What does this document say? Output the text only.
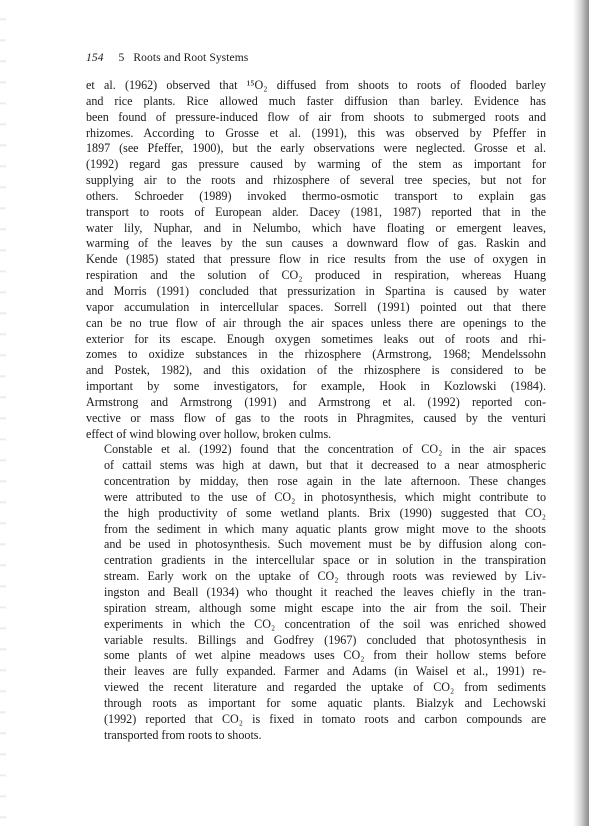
154 5 Roots and Root Systems

et al. (1962) observed that ¹⁵O₂ diffused from shoots to roots of flooded barley
and rice plants. Rice allowed much faster diffusion than barley. Evidence has
been found of pressure-induced flow of air from shoots to submerged roots and
rhizomes. According to Grosse et al. (1991), this was observed by Pfeffer in
1897 (see Pfeffer, 1900), but the early observations were neglected. Grosse et al.
(1992) regard gas pressure caused by warming of the stem as important for
supplying air to the roots and rhizosphere of several tree species, but not for
others. Schroeder (1989) invoked thermo-osmotic transport to explain gas
transport to roots of European alder. Dacey (1981, 1987) reported that in the
water lily, Nuphar, and in Nelumbo, which have floating or emergent leaves,
warming of the leaves by the sun causes a downward flow of gas. Raskin and
Kende (1985) stated that pressure flow in rice results from the use of oxygen in
respiration and the solution of CO₂ produced in respiration, whereas Huang
and Morris (1991) concluded that pressurization in Spartina is caused by water
vapor accumulation in intercellular spaces. Sorrell (1991) pointed out that there
can be no true flow of air through the air spaces unless there are openings to the
exterior for its escape. Enough oxygen sometimes leaks out of roots and rhi-
zomes to oxidize substances in the rhizosphere (Armstrong, 1968; Mendelssohn
and Postek, 1982), and this oxidation of the rhizosphere is considered to be
important by some investigators, for example, Hook in Kozlowski (1984).
Armstrong and Armstrong (1991) and Armstrong et al. (1992) reported con-
vective or mass flow of gas to the roots in Phragmites, caused by the venturi
effect of wind blowing over hollow, broken culms.

Constable et al. (1992) found that the concentration of CO₂ in the air spaces
of cattail stems was high at dawn, but that it decreased to a near atmospheric
concentration by midday, then rose again in the late afternoon. These changes
were attributed to the use of CO₂ in photosynthesis, which might contribute to
the high productivity of some wetland plants. Brix (1990) suggested that CO₂
from the sediment in which many aquatic plants grow might move to the shoots
and be used in photosynthesis. Such movement must be by diffusion along con-
centration gradients in the intercellular space or in solution in the transpiration
stream. Early work on the uptake of CO₂ through roots was reviewed by Liv-
ingston and Beall (1934) who thought it reached the leaves chiefly in the tran-
spiration stream, although some might escape into the air from the soil. Their
experiments in which the CO₂ concentration of the soil was enriched showed
variable results. Billings and Godfrey (1967) concluded that photosynthesis in
some plants of wet alpine meadows uses CO₂ from their hollow stems before
their leaves are fully expanded. Farmer and Adams (in Waisel et al., 1991) re-
viewed the recent literature and regarded the uptake of CO₂ from sediments
through roots as important for some aquatic plants. Bialzyk and Lechowski
(1992) reported that CO₂ is fixed in tomato roots and carbon compounds are
transported from roots to shoots.
